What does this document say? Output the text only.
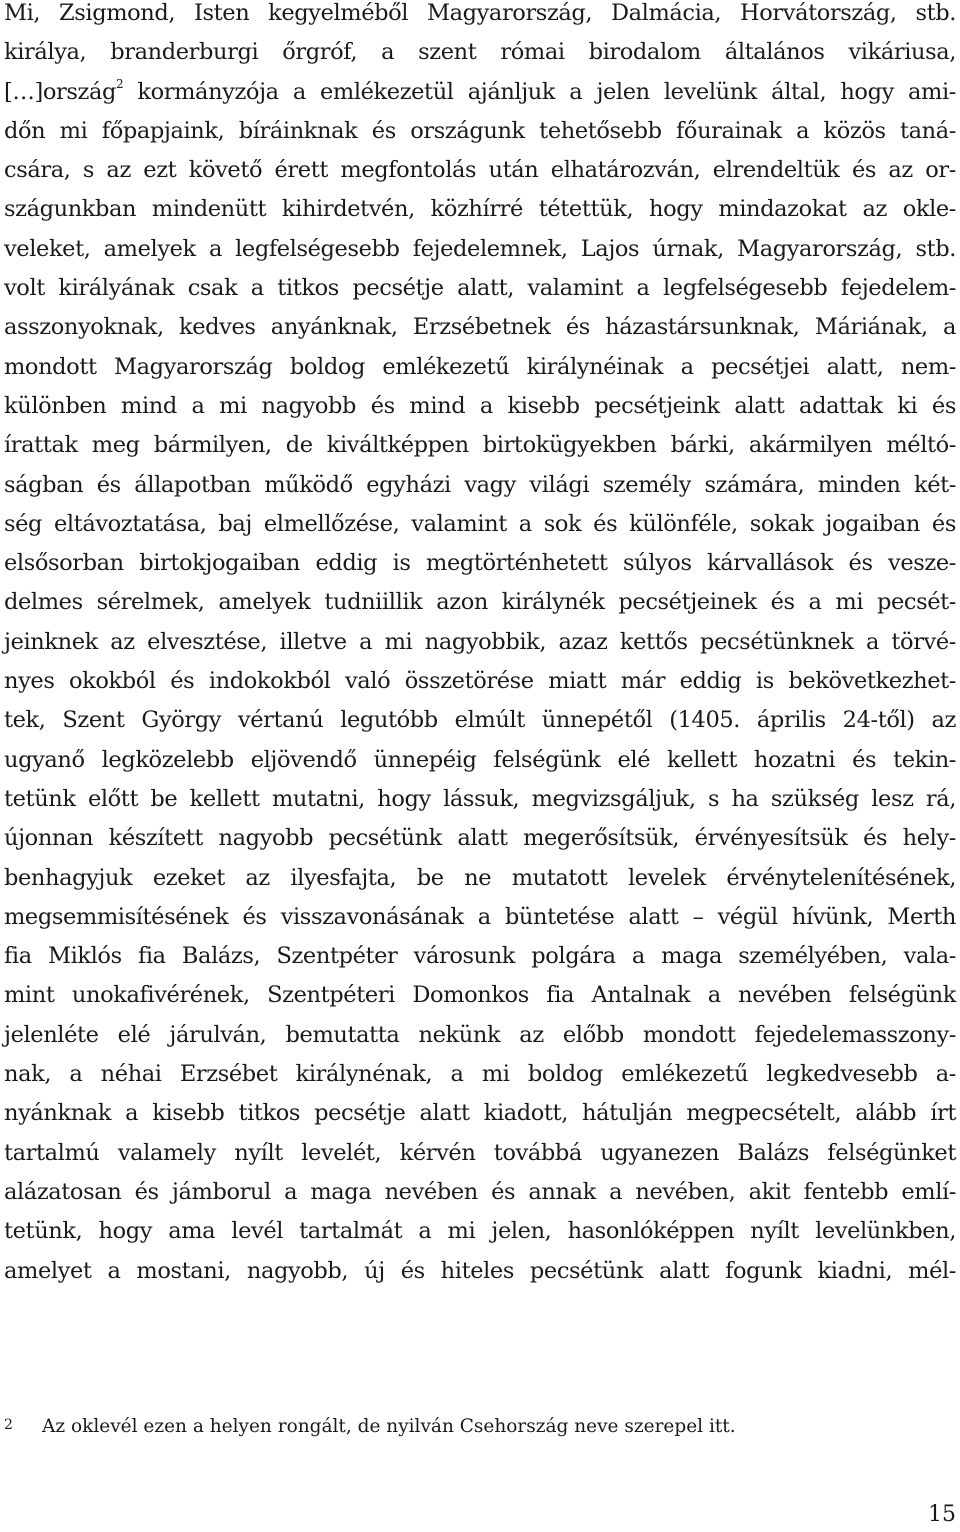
Mi, Zsigmond, Isten kegyelméből Magyarország, Dalmácia, Horvátország, stb.
királya, branderburgi őrgróf, a szent római birodalom általános vikáriusa,
[…]ország$^2$ kormányzója a emlékezetül ajánljuk a jelen levelünk által, hogy ami-
dőn mi főpapjaink, bíráinknak és országunk tehetősebb főurainak a közös taná-
csára, s az ezt követő érett megfontolás után elhatározván, elrendeltük és az or-
szágunkban mindenütt kihirdetvén, közhírré tétettük, hogy mindazokat az okle-
veleket, amelyek a legfelségesebb fejedelemnek, Lajos úrnak, Magyarország, stb.
volt királyának csak a titkos pecsétje alatt, valamint a legfelségesebb fejedelem-
asszonyoknak, kedves anyánknak, Erzsébetnek és házastársunknak, Máriának, a
mondott Magyarország boldog emlékezetű királynéinak a pecsétjei alatt, nem-
különben mind a mi nagyobb és mind a kisebb pecsétjeink alatt adattak ki és
írattak meg bármilyen, de kiváltképpen birtokügyekben bárki, akármilyen méltó-
ságban és állapotban működő egyházi vagy világi személy számára, minden két-
ség eltávoztatása, baj elmellőzése, valamint a sok és különféle, sokak jogaiban és
elsősorban birtokjogaiban eddig is megtörténhetett súlyos kárvallások és vesze-
delmes sérelmek, amelyek tudniillik azon királynék pecsétjeinek és a mi pecsét-
jeinknek az elvesztése, illetve a mi nagyobbik, azaz kettős pecsétünknek a törvé-
nyes okokból és indokokból való összetörése miatt már eddig is bekövetkezhet-
tek, Szent György vértanú legutóbb elmúlt ünnepétől (1405. április 24-től) az
ugyanő legközelebb eljövendő ünnepéig felségünk elé kellett hozatni és tekin-
tetünk előtt be kellett mutatni, hogy lássuk, megvizsgáljuk, s ha szükség lesz rá,
újonnan készített nagyobb pecsétünk alatt megerősítsük, érvényesítsük és hely-
benhagyjuk ezeket az ilyesfajta, be ne mutatott levelek érvénytelenítésének,
megsemmisítésének és visszavonásának a büntetése alatt – végül hívünk, Merth
fia Miklós fia Balázs, Szentpéter városunk polgára a maga személyében, vala-
mint unokafivérének, Szentpéteri Domonkos fia Antalnak a nevében felségünk
jelenléte elé járulván, bemutatta nekünk az előbb mondott fejedelemasszony-
nak, a néhai Erzsébet királynénak, a mi boldog emlékezetű legkedvesebb a-
nyánknak a kisebb titkos pecsétje alatt kiadott, hátulján megpecsételt, alább írt
tartalmú valamely nyílt levelét, kérvén továbbá ugyanezen Balázs felségünket
alázatosan és jámborul a maga nevében és annak a nevében, akit fentebb emlí-
tetünk, hogy ama levél tartalmát a mi jelen, hasonlóképpen nyílt levelünkben,
amelyet a mostani, nagyobb, új és hiteles pecsétünk alatt fogunk kiadni, mél-
2 Az oklevél ezen a helyen rongált, de nyilván Csehország neve szerepel itt.
15
